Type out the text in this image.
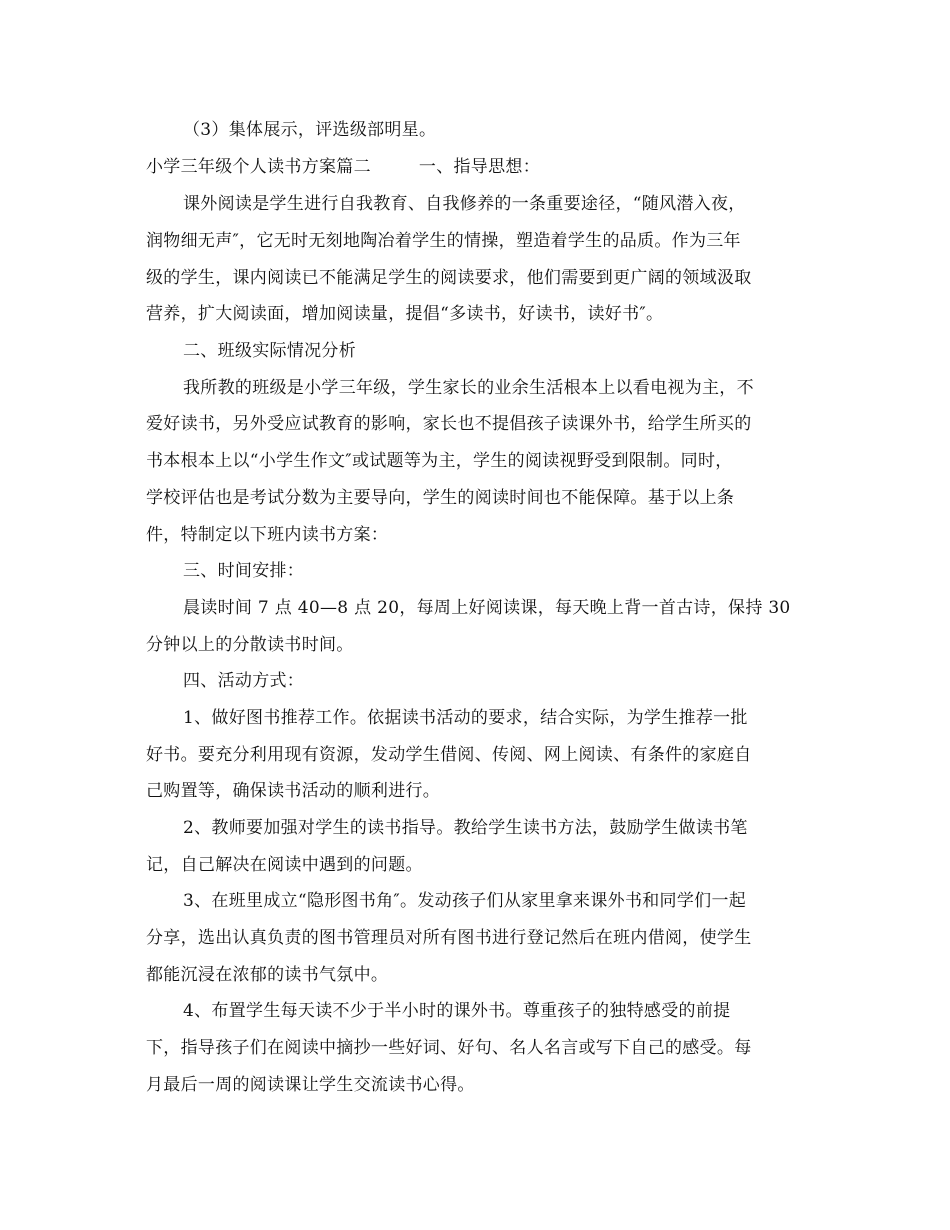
（3）集体展示，评选级部明星。
小学三年级个人读书方案篇二	一、指导思想：
课外阅读是学生进行自我教育、自我修养的一条重要途径，“随风潜入夜，
润物细无声″，它无时无刻地陶冶着学生的情操，塑造着学生的品质。作为三年
级的学生，课内阅读已不能满足学生的阅读要求，他们需要到更广阔的领域汲取
营养，扩大阅读面，增加阅读量，提倡“多读书，好读书，读好书″。
二、班级实际情况分析
我所教的班级是小学三年级，学生家长的业余生活根本上以看电视为主，不
爱好读书，另外受应试教育的影响，家长也不提倡孩子读课外书，给学生所买的
书本根本上以“小学生作文″或试题等为主，学生的阅读视野受到限制。同时，
学校评估也是考试分数为主要导向，学生的阅读时间也不能保障。基于以上条
件，特制定以下班内读书方案：
三、时间安排：
晨读时间 7 点 40—8 点 20，每周上好阅读课，每天晚上背一首古诗，保持 30
分钟以上的分散读书时间。
四、活动方式：
1、做好图书推荐工作。依据读书活动的要求，结合实际，为学生推荐一批
好书。要充分利用现有资源，发动学生借阅、传阅、网上阅读、有条件的家庭自
己购置等，确保读书活动的顺利进行。
2、教师要加强对学生的读书指导。教给学生读书方法，鼓励学生做读书笔
记，自己解决在阅读中遇到的问题。
3、在班里成立“隐形图书角″。发动孩子们从家里拿来课外书和同学们一起
分享，选出认真负责的图书管理员对所有图书进行登记然后在班内借阅，使学生
都能沉浸在浓郁的读书气氛中。
4、布置学生每天读不少于半小时的课外书。尊重孩子的独特感受的前提
下，指导孩子们在阅读中摘抄一些好词、好句、名人名言或写下自己的感受。每
月最后一周的阅读课让学生交流读书心得。
